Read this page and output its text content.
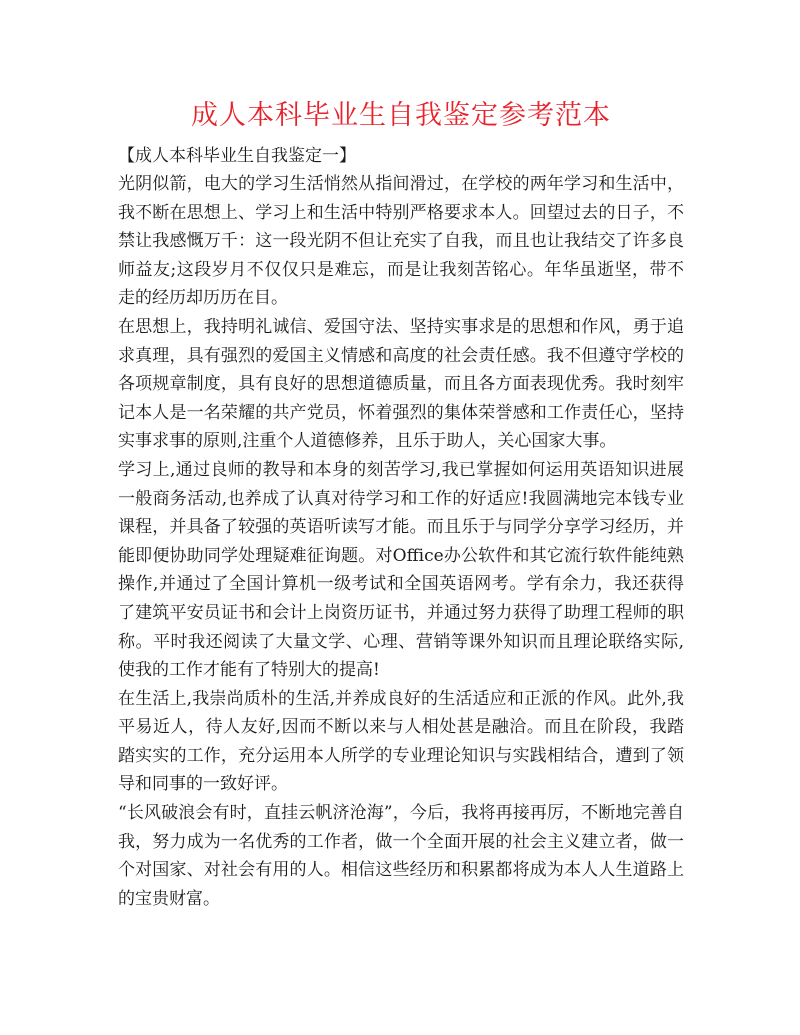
成人本科毕业生自我鉴定参考范本

【成人本科毕业生自我鉴定一】

光阴似箭，电大的学习生活悄然从指间滑过，在学校的两年学习和生活中，我不断在思想上、学习上和生活中特别严格要求本人。回望过去的日子，不禁让我感慨万千：这一段光阴不但让充实了自我，而且也让我结交了许多良师益友;这段岁月不仅仅只是难忘，而是让我刻苦铭心。年华虽逝坚，带不走的经历却历历在目。

在思想上，我持明礼诚信、爱国守法、坚持实事求是的思想和作风，勇于追求真理，具有强烈的爱国主义情感和高度的社会责任感。我不但遵守学校的各项规章制度，具有良好的思想道德质量，而且各方面表现优秀。我时刻牢记本人是一名荣耀的共产党员，怀着强烈的集体荣誉感和工作责任心，坚持实事求事的原则,注重个人道德修养，且乐于助人，关心国家大事。

学习上,通过良师的教导和本身的刻苦学习,我已掌握如何运用英语知识进展一般商务活动,也养成了认真对待学习和工作的好适应!我圆满地完本钱专业课程，并具备了较强的英语听读写才能。而且乐于与同学分享学习经历，并能即便协助同学处理疑难征询题。对Office办公软件和其它流行软件能纯熟操作,并通过了全国计算机一级考试和全国英语网考。学有余力，我还获得了建筑平安员证书和会计上岗资历证书，并通过努力获得了助理工程师的职称。平时我还阅读了大量文学、心理、营销等课外知识而且理论联络实际,使我的工作才能有了特别大的提高!

在生活上,我崇尚质朴的生活,并养成良好的生活适应和正派的作风。此外,我平易近人，待人友好,因而不断以来与人相处甚是融洽。而且在阶段，我踏踏实实的工作，充分运用本人所学的专业理论知识与实践相结合，遭到了领导和同事的一致好评。

“长风破浪会有时，直挂云帆济沧海”，今后，我将再接再厉，不断地完善自我，努力成为一名优秀的工作者，做一个全面开展的社会主义建立者，做一个对国家、对社会有用的人。相信这些经历和积累都将成为本人人生道路上的宝贵财富。
